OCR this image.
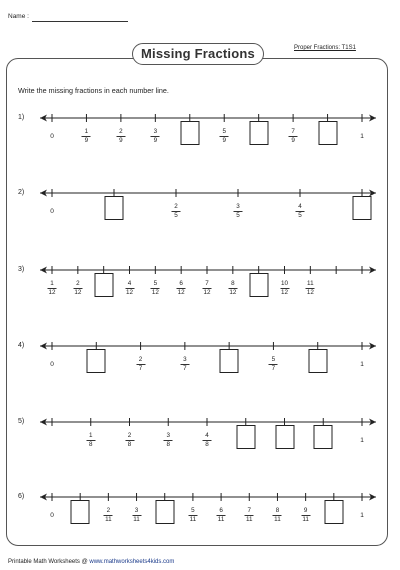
Name :
Missing Fractions	Proper Fractions: T1S1
Write the missing fractions in each number line.
1)
0	1
1
9
2
9
3
9
5
9
7
9
2)
0
2
5
3
5
4
5
3)
1
12
2
12
4
12
5
12
6
12
7
12
8
12
10
12
11
12
4)
0	1
2
7
3
7
5
7
5)
1
1
8
2
8
3
8
4
8
6)
0	1
2
11
3
11
5
11
6
11
7
11
8
11
9
11
Printable Math Worksheets @ www.mathworksheets4kids.com
